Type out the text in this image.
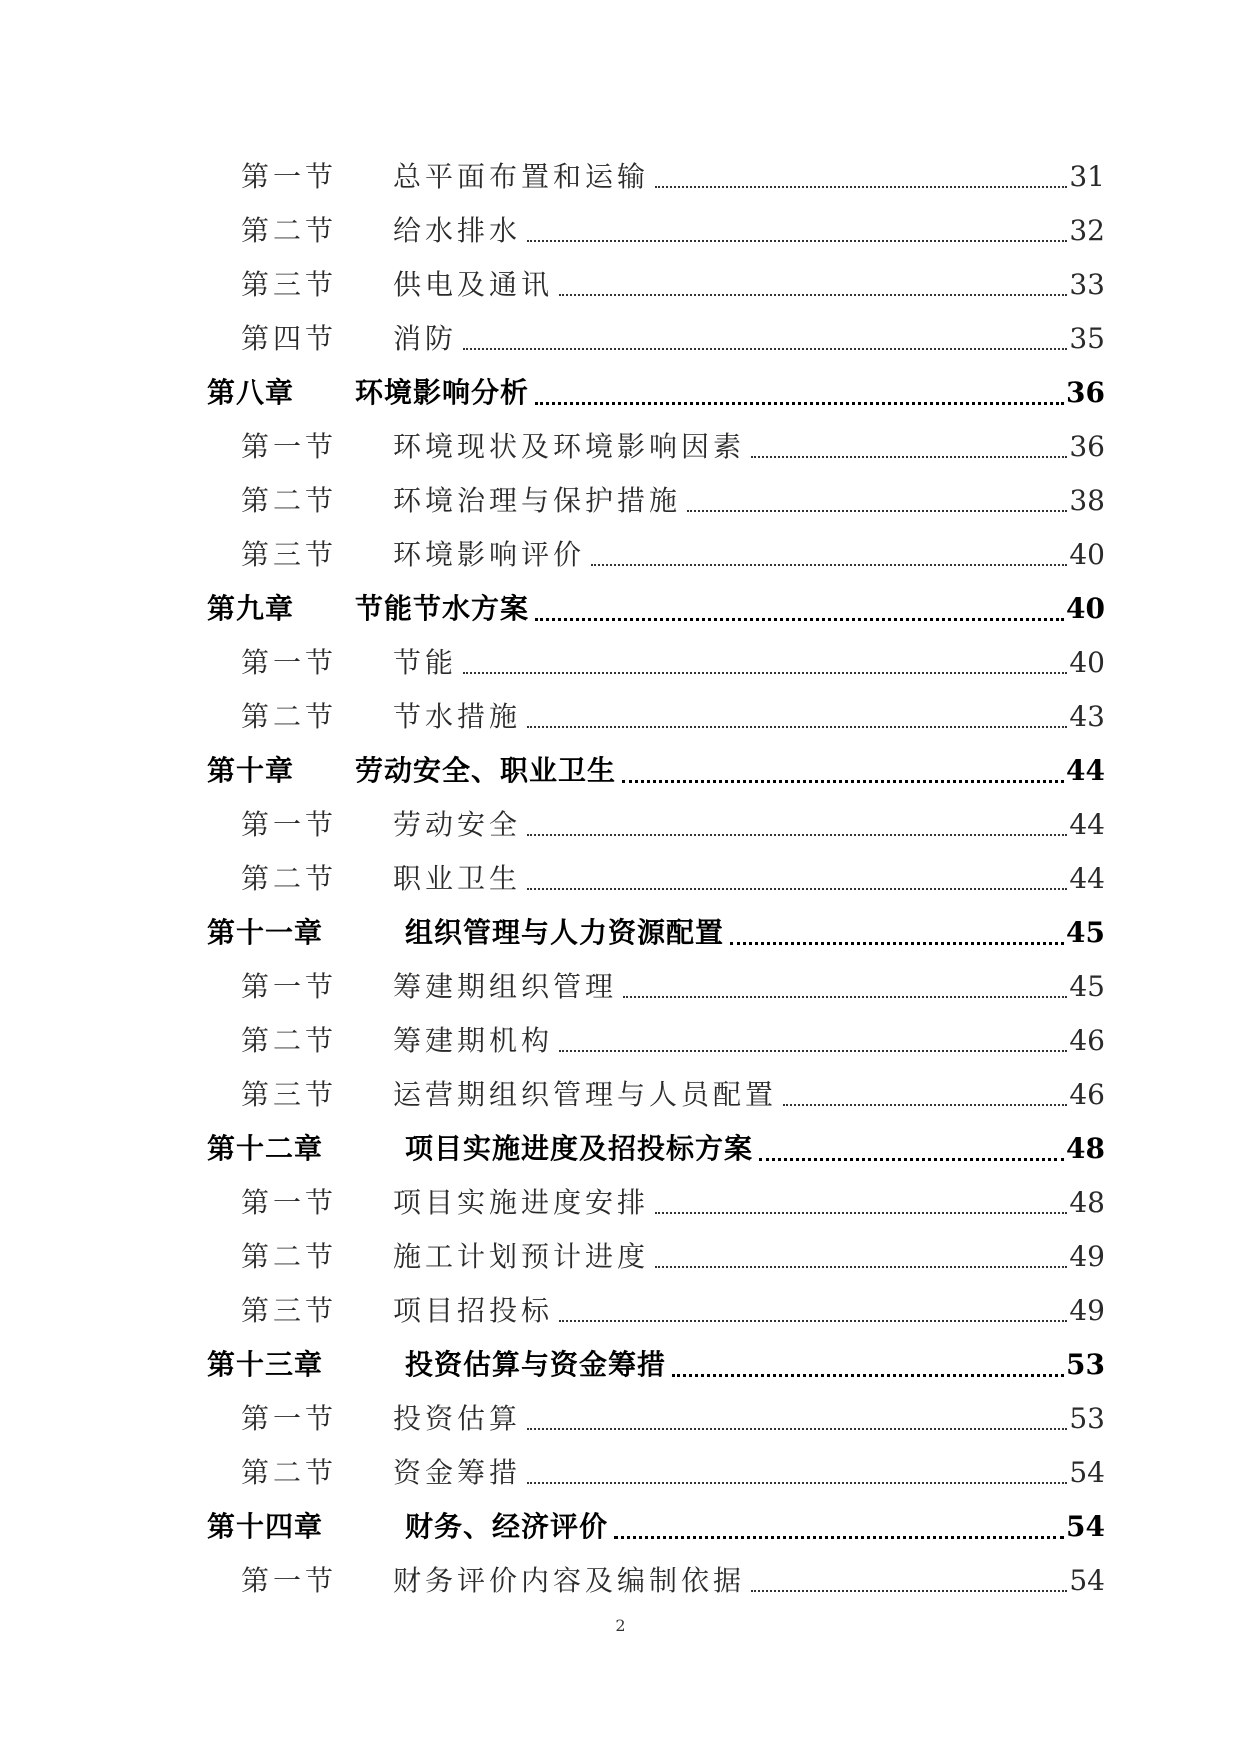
第一节	总平面布置和运输	31
第二节	给水排水	32
第三节	供电及通讯	33
第四节	消防	35
第八章	环境影响分析	36
第一节	环境现状及环境影响因素	36
第二节	环境治理与保护措施	38
第三节	环境影响评价	40
第九章	节能节水方案	40
第一节	节能	40
第二节	节水措施	43
第十章	劳动安全、职业卫生	44
第一节	劳动安全	44
第二节	职业卫生	44
第十一章	组织管理与人力资源配置	45
第一节	筹建期组织管理	45
第二节	筹建期机构	46
第三节	运营期组织管理与人员配置	46
第十二章	项目实施进度及招投标方案	48
第一节	项目实施进度安排	48
第二节	施工计划预计进度	49
第三节	项目招投标	49
第十三章	投资估算与资金筹措	53
第一节	投资估算	53
第二节	资金筹措	54
第十四章	财务、经济评价	54
第一节	财务评价内容及编制依据	54
2
